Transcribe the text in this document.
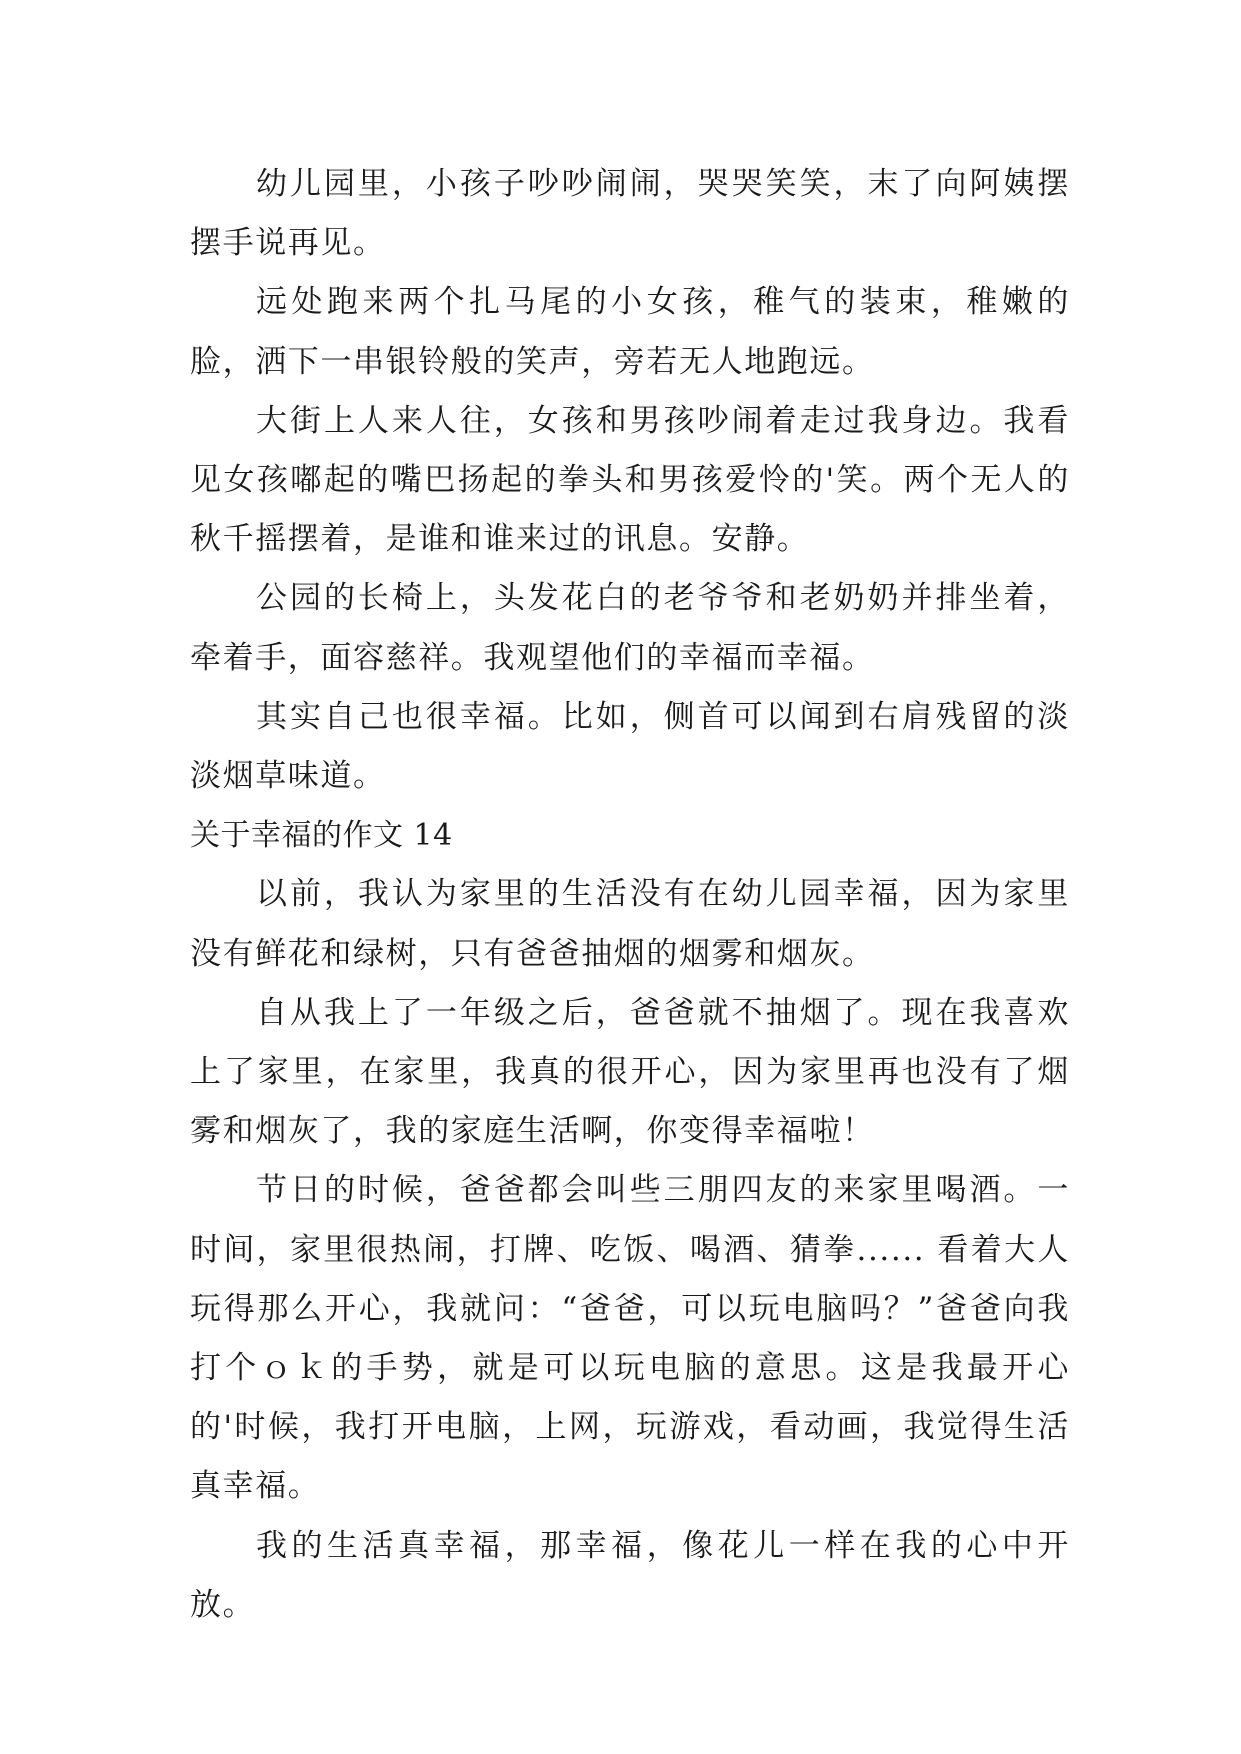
幼儿园里，小孩子吵吵闹闹，哭哭笑笑，末了向阿姨摆摆手说再见。

远处跑来两个扎马尾的小女孩，稚气的装束，稚嫩的脸，洒下一串银铃般的笑声，旁若无人地跑远。

大街上人来人往，女孩和男孩吵闹着走过我身边。我看见女孩嘟起的嘴巴扬起的拳头和男孩爱怜的'笑。两个无人的秋千摇摆着，是谁和谁来过的讯息。安静。

公园的长椅上，头发花白的老爷爷和老奶奶并排坐着，牵着手，面容慈祥。我观望他们的幸福而幸福。

其实自己也很幸福。比如，侧首可以闻到右肩残留的淡淡烟草味道。

关于幸福的作文 14

以前，我认为家里的生活没有在幼儿园幸福，因为家里没有鲜花和绿树，只有爸爸抽烟的烟雾和烟灰。

自从我上了一年级之后，爸爸就不抽烟了。现在我喜欢上了家里，在家里，我真的很开心，因为家里再也没有了烟雾和烟灰了，我的家庭生活啊，你变得幸福啦！

节日的时候，爸爸都会叫些三朋四友的来家里喝酒。一时间，家里很热闹，打牌、吃饭、喝酒、猜拳...... 看着大人玩得那么开心，我就问：“爸爸，可以玩电脑吗？”爸爸向我打个ｏｋ的手势，就是可以玩电脑的意思。这是我最开心的'时候，我打开电脑，上网，玩游戏，看动画，我觉得生活真幸福。

我的生活真幸福，那幸福，像花儿一样在我的心中开放。
